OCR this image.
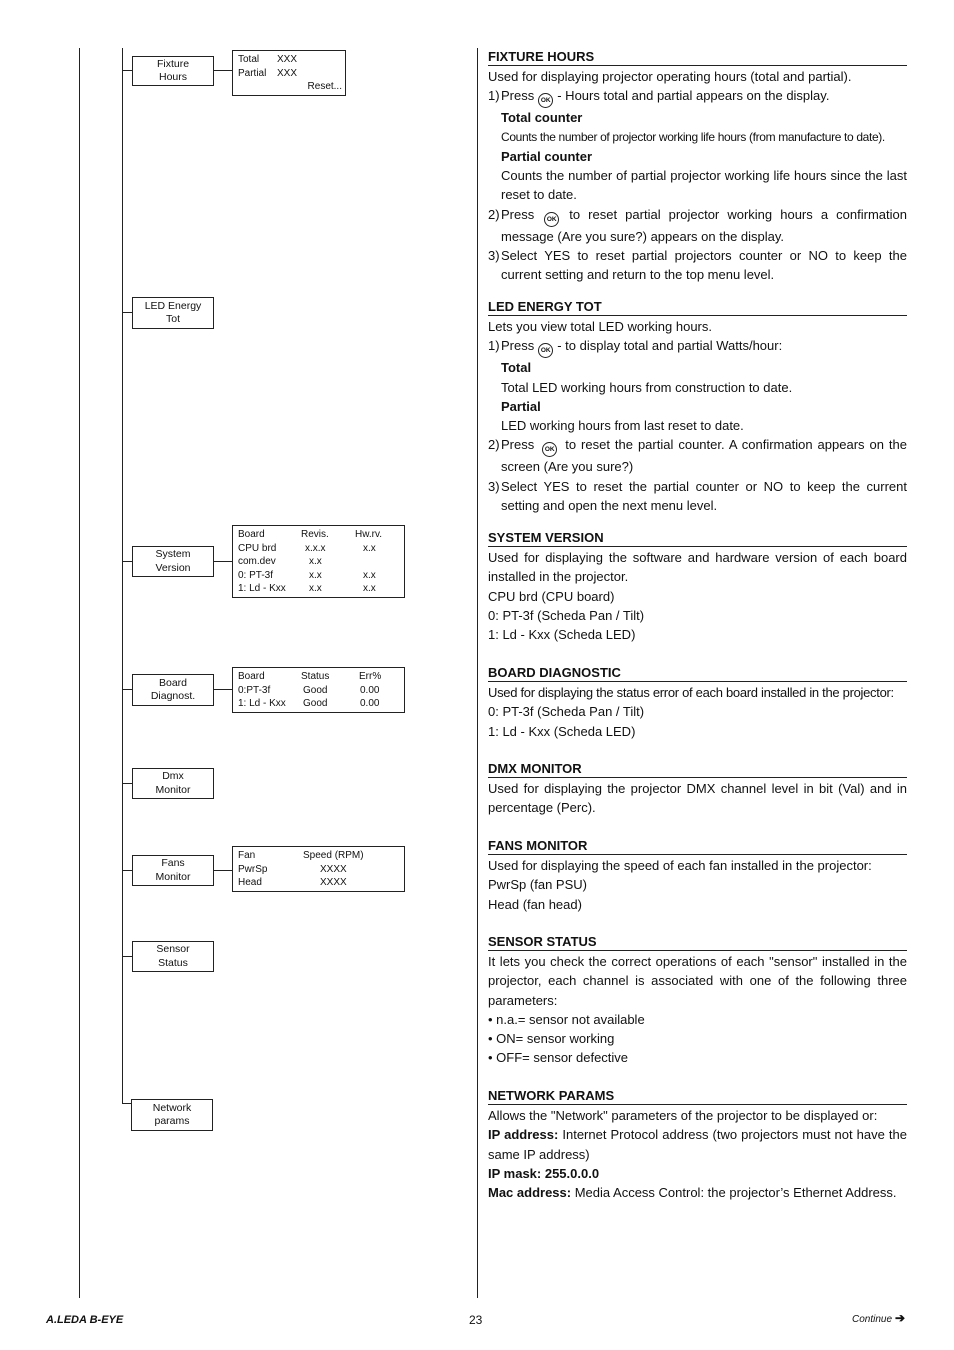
Fixture
Hours
LED Energy
Tot
System
Version
Board
Diagnost.
Dmx
Monitor
Fans
Monitor
Sensor
Status
Network
params
Total XXX
Partial XXX
Reset...
Board	Revis.	Hw.rv.
CPU brd	x.x.x	x.x
com.dev	x.x
0: PT-3f	x.x	x.x
1: Ld - Kxx x.x	x.x
Board	Status	Err%
0:PT-3f	Good	0.00
1: Ld - Kxx Good	0.00
Fan	Speed (RPM)
PwrSp	XXXX
Head	XXXX
FIXTURE HOURS
Used for displaying projector operating hours (total and partial).
1) Press OK - Hours total and partial appears on the display.
Total counter
Counts the number of projector working life hours (from manufacture to date).
Partial counter
Counts the number of partial projector working life hours since the last reset to date.
2) Press OK to reset partial projector working hours a confirmation message (Are you sure?) appears on the display.
3) Select YES to reset partial projectors counter or NO to keep the current setting and return to the top menu level.
LED ENERGY TOT
Lets you view total LED working hours.
1) Press OK - to display total and partial Watts/hour:
Total
Total LED working hours from construction to date.
Partial
LED working hours from last reset to date.
2) Press OK to reset the partial counter. A confirmation appears on the screen (Are you sure?)
3) Select YES to reset the partial counter or NO to keep the current setting and open the next menu level.
SYSTEM VERSION
Used for displaying the software and hardware version of each board installed in the projector.
CPU brd (CPU board)
0: PT-3f (Scheda Pan / Tilt)
1: Ld - Kxx (Scheda LED)
BOARD DIAGNOSTIC
Used for displaying the status error of each board installed in the projector:
0: PT-3f (Scheda Pan / Tilt)
1: Ld - Kxx (Scheda LED)
DMX MONITOR
Used for displaying the projector DMX channel level in bit (Val) and in percentage (Perc).
FANS MONITOR
Used for displaying the speed of each fan installed in the projector:
PwrSp (fan PSU)
Head (fan head)
SENSOR STATUS
It lets you check the correct operations of each "sensor" installed in the projector, each channel is associated with one of the following three parameters:
• n.a.= sensor not available
• ON= sensor working
• OFF= sensor defective
NETWORK PARAMS
Allows the "Network" parameters of the projector to be displayed or:
IP address: Internet Protocol address (two projectors must not have the same IP address)
IP mask: 255.0.0.0
Mac address: Media Access Control: the projector’s Ethernet Address.
A.LEDA B-EYE	23	Continue ➔
